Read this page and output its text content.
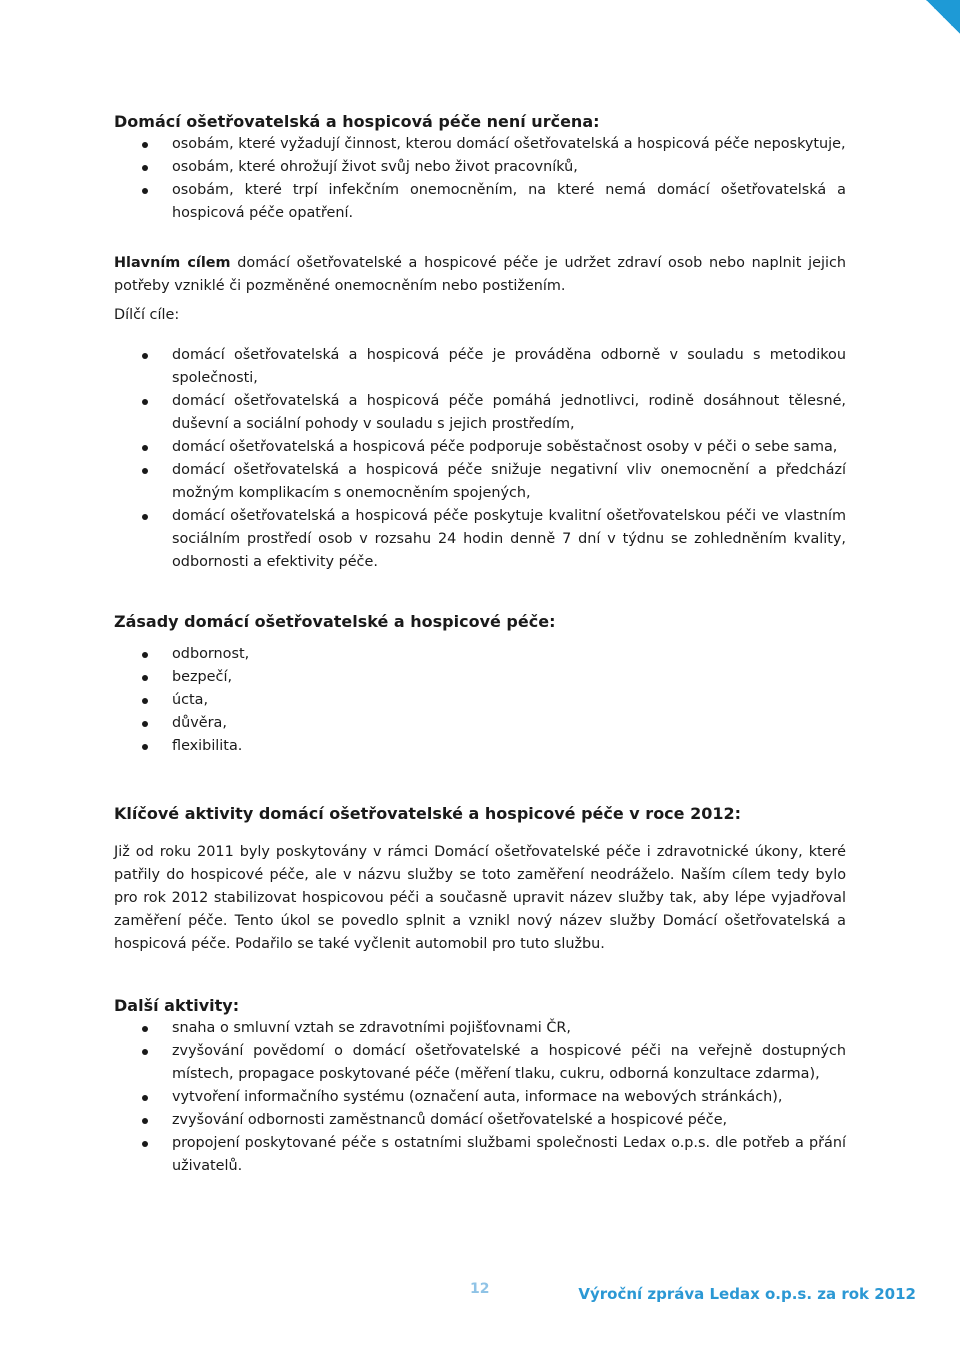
Domácí ošetřovatelská a hospicová péče není určena:
osobám, které vyžadují činnost, kterou domácí ošetřovatelská a hospicová péče neposkytuje,
osobám, které ohrožují život svůj nebo život pracovníků,
osobám, které trpí infekčním onemocněním, na které nemá domácí ošetřovatelská a hospicová péče opatření.

Hlavním cílem domácí ošetřovatelské a hospicové péče je udržet zdraví osob nebo naplnit jejich potřeby vzniklé či pozměněné onemocněním nebo postižením.

Dílčí cíle:

domácí ošetřovatelská a hospicová péče je prováděna odborně v souladu s metodikou společnosti,
domácí ošetřovatelská a hospicová péče pomáhá jednotlivci, rodině dosáhnout tělesné, duševní a sociální pohody v souladu s jejich prostředím,
domácí ošetřovatelská a hospicová péče podporuje soběstačnost osoby v péči o sebe sama,
domácí ošetřovatelská a hospicová péče snižuje negativní vliv onemocnění a předchází možným komplikacím s onemocněním spojených,
domácí ošetřovatelská a hospicová péče poskytuje kvalitní ošetřovatelskou péči ve vlastním sociálním prostředí osob v rozsahu 24 hodin denně 7 dní v týdnu se zohledněním kvality, odbornosti a efektivity péče.
Zásady domácí ošetřovatelské a hospicové péče:
odbornost,
bezpečí,
úcta,
důvěra,
flexibilita.
Klíčové aktivity domácí ošetřovatelské a hospicové péče v roce 2012:

Již od roku 2011 byly poskytovány v rámci Domácí ošetřovatelské péče i zdravotnické úkony, které patřily do hospicové péče, ale v názvu služby se toto zaměření neodráželo. Naším cílem tedy bylo pro rok 2012 stabilizovat hospicovou péči a současně upravit název služby tak, aby lépe vyjadřoval zaměření péče. Tento úkol se povedlo splnit a vznikl nový název služby Domácí ošetřovatelská a hospicová péče. Podařilo se také vyčlenit automobil pro tuto službu.

Další aktivity:
snaha o smluvní vztah se zdravotními pojišťovnami ČR,
zvyšování povědomí o domácí ošetřovatelské a hospicové péči na veřejně dostupných místech, propagace poskytované péče (měření tlaku, cukru, odborná konzultace zdarma),
vytvoření informačního systému (označení auta, informace na webových stránkách),
zvyšování odbornosti zaměstnanců domácí ošetřovatelské a hospicové péče,
propojení poskytované péče s ostatními službami společnosti Ledax o.p.s. dle potřeb a přání uživatelů.
12	Výroční zpráva Ledax o.p.s. za rok 2012
